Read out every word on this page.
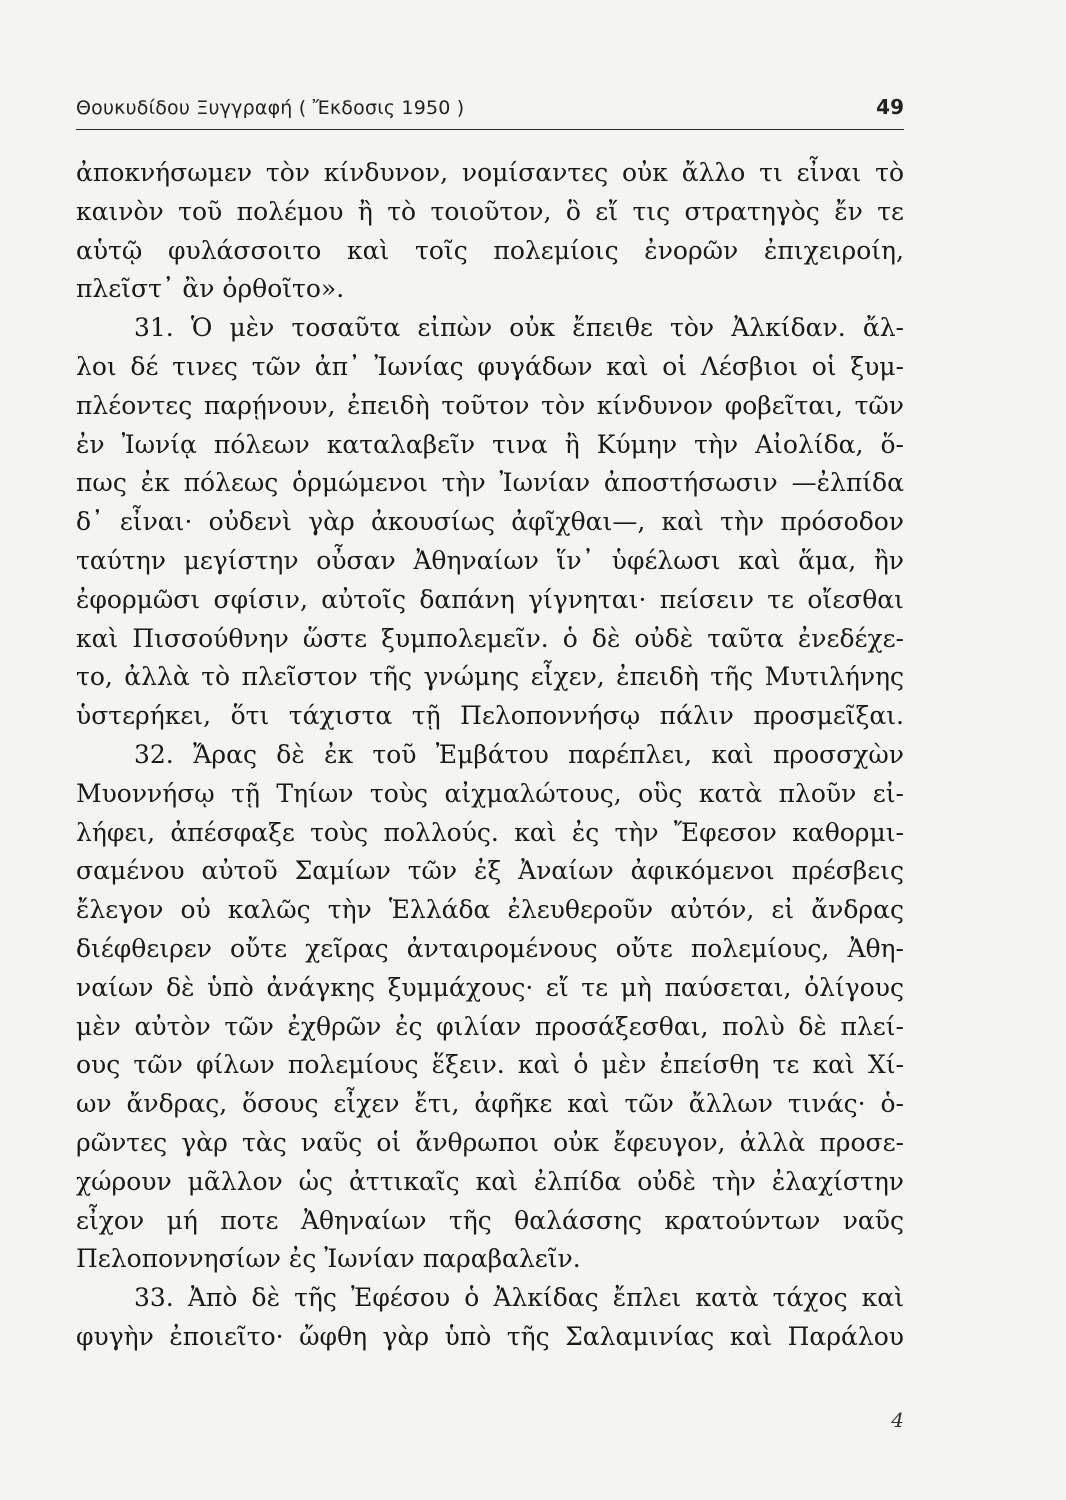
Θουκυδίδου Ξυγγραφή ( Ἔκδοσις 1950 )	49
ἀποκνήσωμεν τὸν κίνδυνον, νομίσαντες οὐκ ἄλλο τι εἶναι τὸ
καινὸν τοῦ πολέμου ἢ τὸ τοιοῦτον, ὃ εἴ τις στρατηγὸς ἔν τε
αὑτῷ φυλάσσοιτο καὶ τοῖς πολεμίοις ἐνορῶν ἐπιχειροίη,
πλεῖστ᾽ ἂν ὀρθοῖτο».
31. Ὁ μὲν τοσαῦτα εἰπὼν οὐκ ἔπειθε τὸν Ἀλκίδαν. ἄλ-
λοι δέ τινες τῶν ἀπ᾽ Ἰωνίας φυγάδων καὶ οἱ Λέσβιοι οἱ ξυμ-
πλέοντες παρῄνουν, ἐπειδὴ τοῦτον τὸν κίνδυνον φοβεῖται, τῶν
ἐν Ἰωνίᾳ πόλεων καταλαβεῖν τινα ἢ Κύμην τὴν Αἰολίδα, ὅ-
πως ἐκ πόλεως ὁρμώμενοι τὴν Ἰωνίαν ἀποστήσωσιν —ἐλπίδα
δ᾽ εἶναι· οὐδενὶ γὰρ ἀκουσίως ἀφῖχθαι—, καὶ τὴν πρόσοδον
ταύτην μεγίστην οὖσαν Ἀθηναίων ἵν᾽ ὑφέλωσι καὶ ἅμα, ἢν
ἐφορμῶσι σφίσιν, αὐτοῖς δαπάνη γίγνηται· πείσειν τε οἴεσθαι
καὶ Πισσούθνην ὥστε ξυμπολεμεῖν. ὁ δὲ οὐδὲ ταῦτα ἐνεδέχε-
το, ἀλλὰ τὸ πλεῖστον τῆς γνώμης εἶχεν, ἐπειδὴ τῆς Μυτιλήνης
ὑστερήκει, ὅτι τάχιστα τῇ Πελοποννήσῳ πάλιν προσμεῖξαι.
32. Ἄρας δὲ ἐκ τοῦ Ἐμβάτου παρέπλει, καὶ προσσχὼν
Μυοννήσῳ τῇ Τηίων τοὺς αἰχμαλώτους, οὓς κατὰ πλοῦν εἰ-
λήφει, ἀπέσφαξε τοὺς πολλούς. καὶ ἐς τὴν Ἔφεσον καθορμι-
σαμένου αὐτοῦ Σαμίων τῶν ἐξ Ἀναίων ἀφικόμενοι πρέσβεις
ἔλεγον οὐ καλῶς τὴν Ἑλλάδα ἐλευθεροῦν αὐτόν, εἰ ἄνδρας
διέφθειρεν οὔτε χεῖρας ἀνταιρομένους οὔτε πολεμίους, Ἀθη-
ναίων δὲ ὑπὸ ἀνάγκης ξυμμάχους· εἴ τε μὴ παύσεται, ὀλίγους
μὲν αὐτὸν τῶν ἐχθρῶν ἐς φιλίαν προσάξεσθαι, πολὺ δὲ πλεί-
ους τῶν φίλων πολεμίους ἕξειν. καὶ ὁ μὲν ἐπείσθη τε καὶ Χί-
ων ἄνδρας, ὅσους εἶχεν ἔτι, ἀφῆκε καὶ τῶν ἄλλων τινάς· ὁ-
ρῶντες γὰρ τὰς ναῦς οἱ ἄνθρωποι οὐκ ἔφευγον, ἀλλὰ προσε-
χώρουν μᾶλλον ὡς ἀττικαῖς καὶ ἐλπίδα οὐδὲ τὴν ἐλαχίστην
εἶχον μή ποτε Ἀθηναίων τῆς θαλάσσης κρατούντων ναῦς
Πελοποννησίων ἐς Ἰωνίαν παραβαλεῖν.
33. Ἀπὸ δὲ τῆς Ἐφέσου ὁ Ἀλκίδας ἔπλει κατὰ τάχος καὶ
φυγὴν ἐποιεῖτο· ὤφθη γὰρ ὑπὸ τῆς Σαλαμινίας καὶ Παράλου
4
